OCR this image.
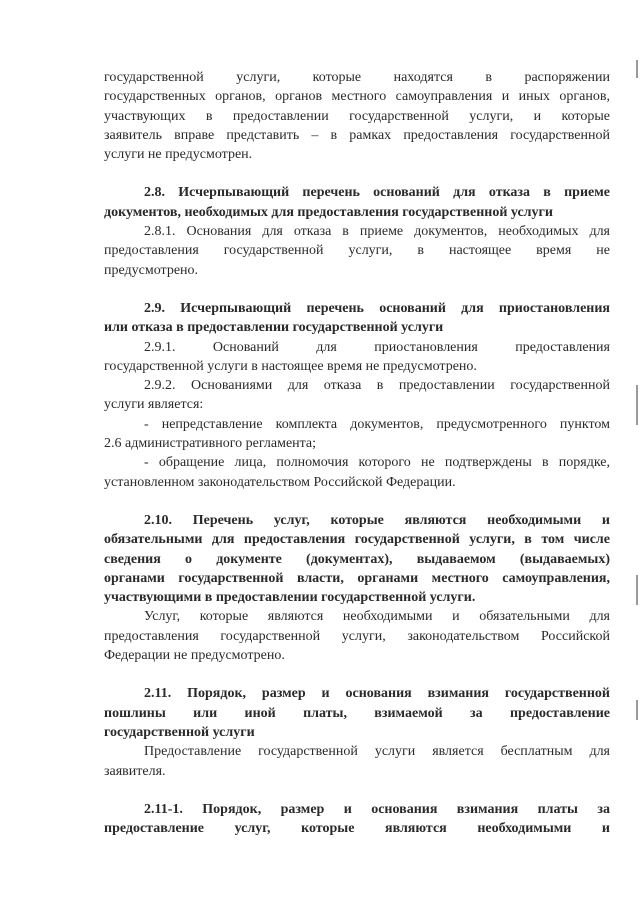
государственной услуги, которые находятся в распоряжении

государственных органов, органов местного самоуправления и иных органов,

участвующих в предоставлении государственной услуги, и которые

заявитель вправе представить – в рамках предоставления государственной

услуги не предусмотрен.

2.8. Исчерпывающий перечень оснований для отказа в приеме

документов, необходимых для предоставления государственной услуги

2.8.1. Основания для отказа в приеме документов, необходимых для

предоставления государственной услуги, в настоящее время не

предусмотрено.

2.9. Исчерпывающий перечень оснований для приостановления

или отказа в предоставлении государственной услуги

2.9.1. Оснований для приостановления предоставления

государственной услуги в настоящее время не предусмотрено.

2.9.2. Основаниями для отказа в предоставлении государственной

услуги является:

- непредставление комплекта документов, предусмотренного пунктом

2.6 административного регламента;

- обращение лица, полномочия которого не подтверждены в порядке,

установленном законодательством Российской Федерации.

2.10. Перечень услуг, которые являются необходимыми и

обязательными для предоставления государственной услуги, в том числе

сведения о документе (документах), выдаваемом (выдаваемых)

органами государственной власти, органами местного самоуправления,

участвующими в предоставлении государственной услуги.

Услуг, которые являются необходимыми и обязательными для

предоставления государственной услуги, законодательством Российской

Федерации не предусмотрено.

2.11. Порядок, размер и основания взимания государственной

пошлины или иной платы, взимаемой за предоставление

государственной услуги

Предоставление государственной услуги является бесплатным для

заявителя.

2.11-1. Порядок, размер и основания взимания платы за

предоставление услуг, которые являются необходимыми и
